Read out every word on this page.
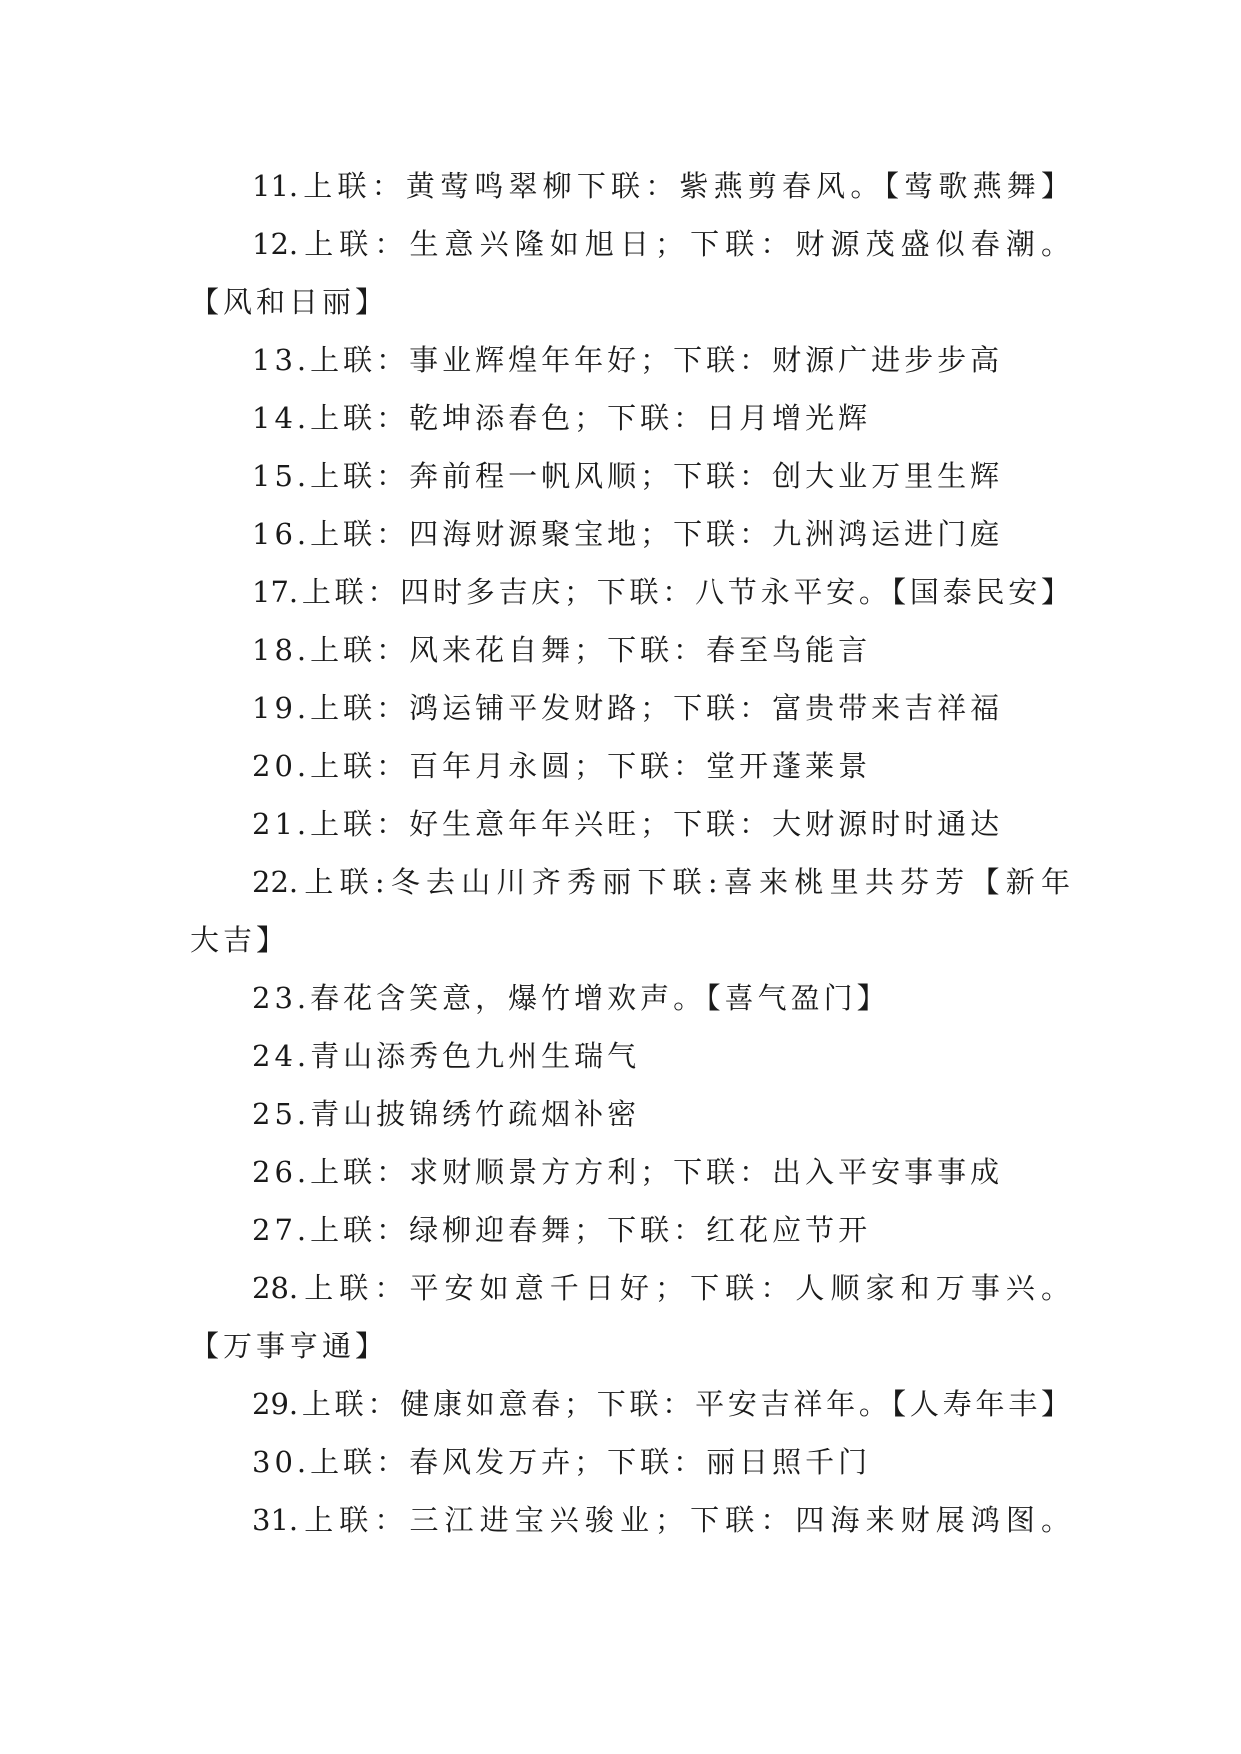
11.上联：黄莺鸣翠柳下联：紫燕剪春风。【莺歌燕舞】
12.上联：生意兴隆如旭日；下联：财源茂盛似春潮。
【风和日丽】
13.上联：事业辉煌年年好；下联：财源广进步步高
14.上联：乾坤添春色；下联：日月增光辉
15.上联：奔前程一帆风顺；下联：创大业万里生辉
16.上联：四海财源聚宝地；下联：九洲鸿运进门庭
17.上联：四时多吉庆；下联：八节永平安。【国泰民安】
18.上联：风来花自舞；下联：春至鸟能言
19.上联：鸿运铺平发财路；下联：富贵带来吉祥福
20.上联：百年月永圆；下联：堂开蓬莱景
21.上联：好生意年年兴旺；下联：大财源时时通达
22.上联:冬去山川齐秀丽下联:喜来桃里共芬芳【新年
大吉】
23.春花含笑意，爆竹增欢声。【喜气盈门】
24.青山添秀色九州生瑞气
25.青山披锦绣竹疏烟补密
26.上联：求财顺景方方利；下联：出入平安事事成
27.上联：绿柳迎春舞；下联：红花应节开
28.上联：平安如意千日好；下联：人顺家和万事兴。
【万事亨通】
29.上联：健康如意春；下联：平安吉祥年。【人寿年丰】
30.上联：春风发万卉；下联：丽日照千门
31.上联：三江进宝兴骏业；下联：四海来财展鸿图。
